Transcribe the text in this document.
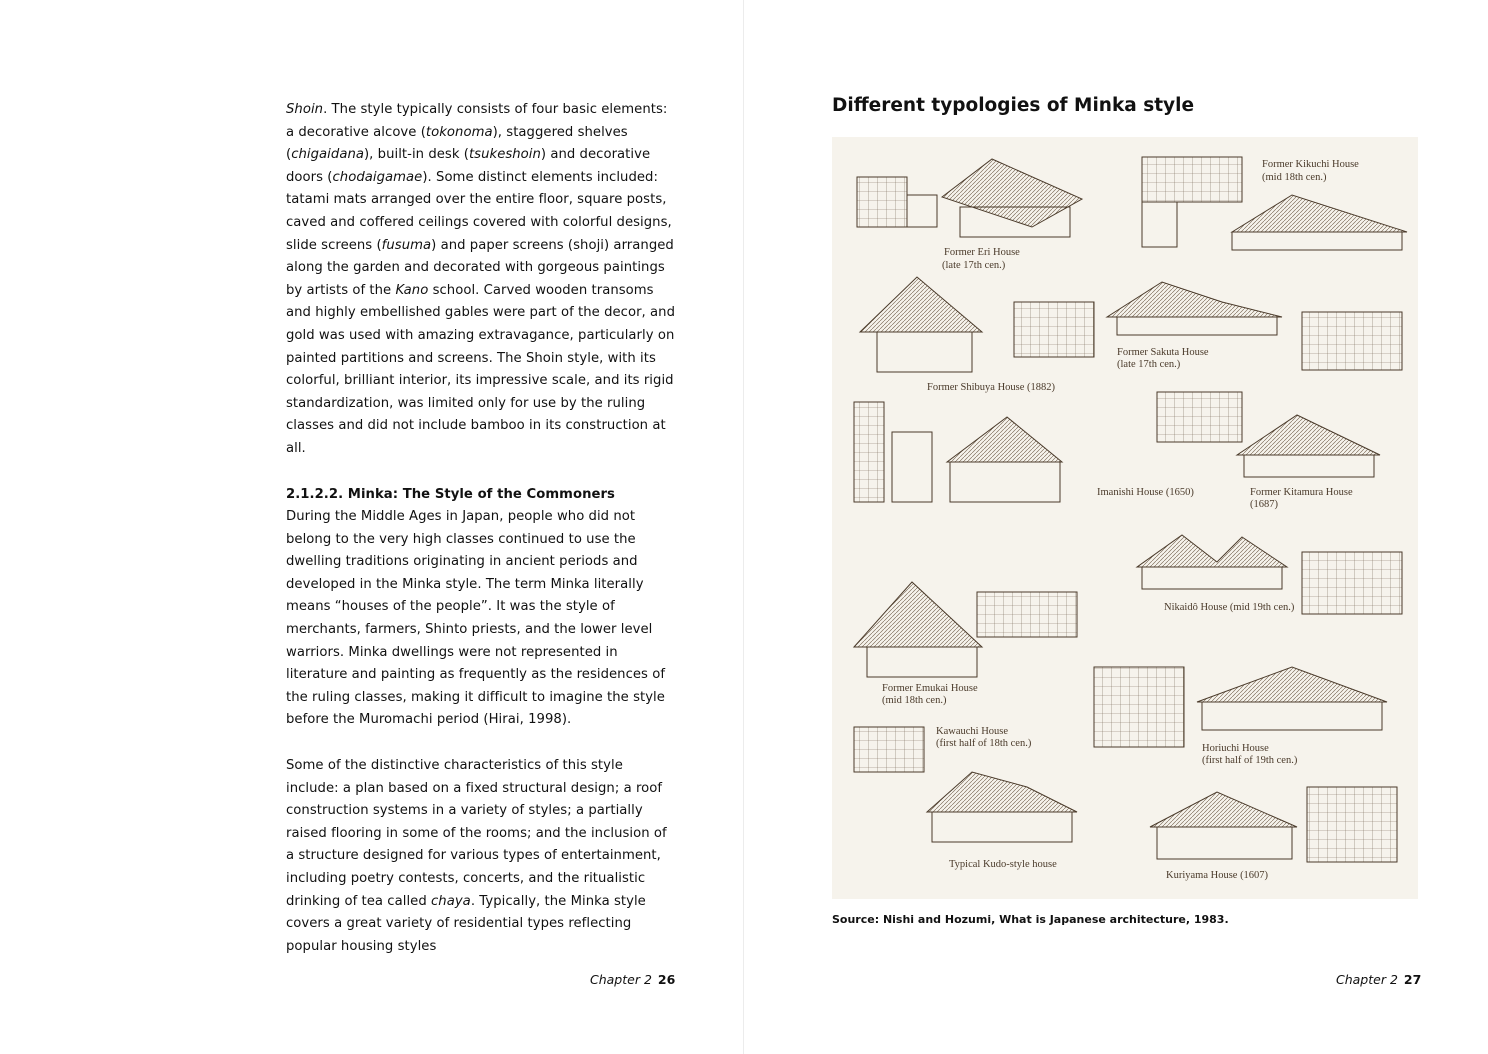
Shoin. The style typically consists of four basic elements: a decorative alcove (tokonoma), staggered shelves (chigaidana), built-in desk (tsukeshoin) and decorative doors (chodaigamae). Some distinct elements included: tatami mats arranged over the entire floor, square posts, caved and coffered ceilings covered with colorful designs, slide screens (fusuma) and paper screens (shoji) arranged along the garden and decorated with gorgeous paintings by artists of the Kano school. Carved wooden transoms and highly embellished gables were part of the decor, and gold was used with amazing extravagance, particularly on painted partitions and screens. The Shoin style, with its colorful, brilliant interior, its impressive scale, and its rigid standardization, was limited only for use by the ruling classes and did not include bamboo in its construction at all.

2.1.2.2. Minka: The Style of the Commoners

During the Middle Ages in Japan, people who did not belong to the very high classes continued to use the dwelling traditions originating in ancient periods and developed in the Minka style. The term Minka literally means “houses of the people”. It was the style of merchants, farmers, Shinto priests, and the lower level warriors. Minka dwellings were not represented in literature and painting as frequently as the residences of the ruling classes, making it difficult to imagine the style before the Muromachi period (Hirai, 1998).

Some of the distinctive characteristics of this style include: a plan based on a fixed structural design; a roof construction systems in a variety of styles; a partially raised flooring in some of the rooms; and the inclusion of a structure designed for various types of entertainment, including poetry contests, concerts, and the ritualistic drinking of tea called chaya. Typically, the Minka style covers a great variety of residential types reflecting popular housing styles

Chapter 2 26
Different typologies of Minka style
Former Kikuchi House
(mid 18th cen.)
Former Eri House
(late 17th cen.)
Former Sakuta House
(late 17th cen.)
Former Shibuya House (1882)
Imanishi House (1650)	Former Kitamura House
(1687)
Nikaidô House (mid 19th cen.)
Former Emukai House
(mid 18th cen.)
Kawauchi House
(first half of 18th cen.)	Horiuchi House
(first half of 19th cen.)
Typical Kudo-style house
Kuriyama House (1607)
Source: Nishi and Hozumi, What is Japanese architecture, 1983.
Chapter 2 27
